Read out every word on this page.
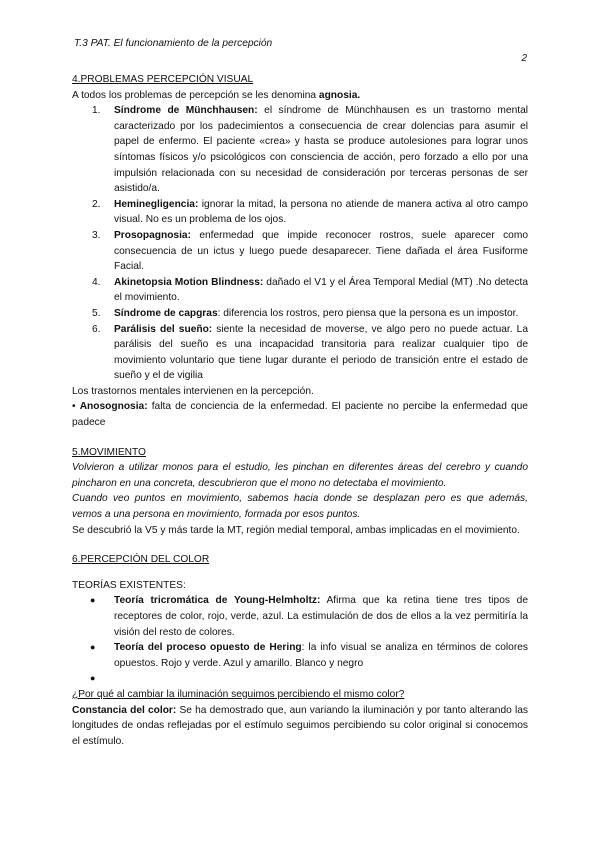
T.3 PAT. El funcionamiento de la percepción
2

4.PROBLEMAS PERCEPCIÓN VISUAL

A todos los problemas de percepción se les denomina agnosia.

1. Síndrome de Münchhausen: el síndrome de Münchhausen es un trastorno mental caracterizado por los padecimientos a consecuencia de crear dolencias para asumir el papel de enfermo. El paciente «crea» y hasta se produce autolesiones para lograr unos síntomas físicos y/o psicológicos con consciencia de acción, pero forzado a ello por una impulsión relacionada con su necesidad de consideración por terceras personas de ser asistido/a.
2. Heminegligencia: ignorar la mitad, la persona no atiende de manera activa al otro campo visual. No es un problema de los ojos.
3. Prosopagnosia: enfermedad que impide reconocer rostros, suele aparecer como consecuencia de un ictus y luego puede desaparecer. Tiene dañada el área Fusiforme Facial.
4. Akinetopsia Motion Blindness: dañado el V1 y el Área Temporal Medial (MT) .No detecta el movimiento.
5. Síndrome de capgras: diferencia los rostros, pero piensa que la persona es un impostor.
6. Parálisis del sueño: siente la necesidad de moverse, ve algo pero no puede actuar. La parálisis del sueño es una incapacidad transitoria para realizar cualquier tipo de movimiento voluntario que tiene lugar durante el periodo de transición entre el estado de sueño y el de vigilia

Los trastornos mentales intervienen en la percepción.

• Anosognosia: falta de conciencia de la enfermedad. El paciente no percibe la enfermedad que padece

5.MOVIMIENTO

Volvieron a utilizar monos para el estudio, les pinchan en diferentes áreas del cerebro y cuando pincharon en una concreta, descubrieron que el mono no detectaba el movimiento.

Cuando veo puntos en movimiento, sabemos hacia donde se desplazan pero es que además, vemos a una persona en movimiento, formada por esos puntos.

Se descubrió la V5 y más tarde la MT, región medial temporal, ambas implicadas en el movimiento.

6.PERCEPCIÓN DEL COLOR

TEORÍAS EXISTENTES:

● Teoría tricromática de Young-Helmholtz: Afirma que ka retina tiene tres tipos de receptores de color, rojo, verde, azul. La estimulación de dos de ellos a la vez permitiría la visión del resto de colores.
● Teoría del proceso opuesto de Hering: la info visual se analiza en términos de colores opuestos. Rojo y verde. Azul y amarillo. Blanco y negro
●

¿Por qué al cambiar la iluminación seguimos percibiendo el mismo color?

Constancia del color: Se ha demostrado que, aun variando la iluminación y por tanto alterando las longitudes de ondas reflejadas por el estímulo seguimos percibiendo su color original si conocemos el estímulo.
